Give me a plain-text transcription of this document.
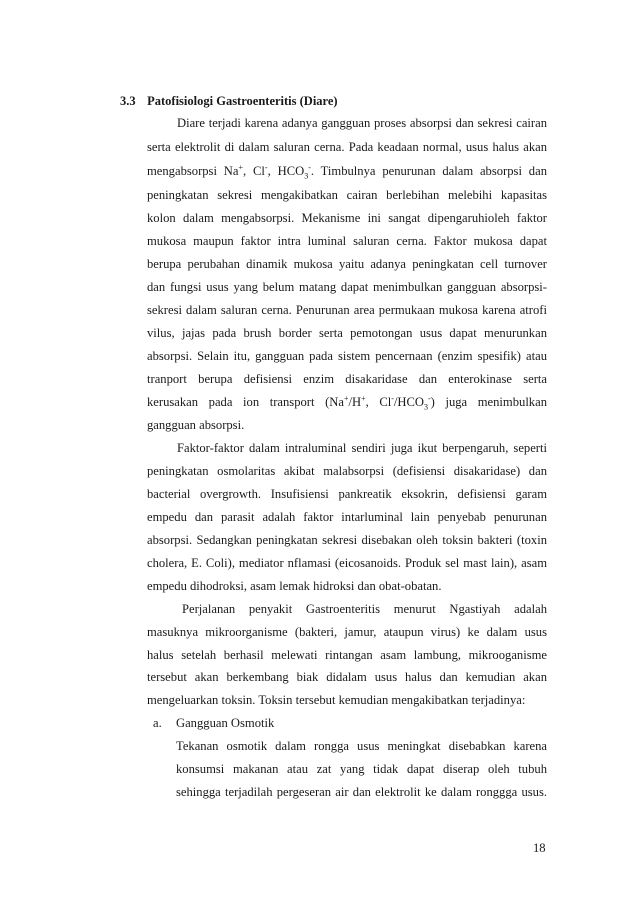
3.3 Patofisiologi Gastroenteritis (Diare)
Diare terjadi karena adanya gangguan proses absorpsi dan sekresi cairan
serta elektrolit di dalam saluran cerna. Pada keadaan normal, usus halus akan
mengabsorpsi Na+, Cl-, $HCO_3^-$. Timbulnya penurunan dalam absorpsi dan
peningkatan sekresi mengakibatkan cairan berlebihan melebihi kapasitas
kolon dalam mengabsorpsi. Mekanisme ini sangat dipengaruhioleh faktor
mukosa maupun faktor intra luminal saluran cerna. Faktor mukosa dapat
berupa perubahan dinamik mukosa yaitu adanya peningkatan cell turnover
dan fungsi usus yang belum matang dapat menimbulkan gangguan absorpsi-
sekresi dalam saluran cerna. Penurunan area permukaan mukosa karena atrofi
vilus, jajas pada brush border serta pemotongan usus dapat menurunkan
absorpsi. Selain itu, gangguan pada sistem pencernaan (enzim spesifik) atau
tranport berupa defisiensi enzim disakaridase dan enterokinase serta
kerusakan pada ion transport (Na+/H+, $Cl^-/HCO_3^-$) juga menimbulkan
gangguan absorpsi.
Faktor-faktor dalam intraluminal sendiri juga ikut berpengaruh, seperti
peningkatan osmolaritas akibat malabsorpsi (defisiensi disakaridase) dan
bacterial overgrowth. Insufisiensi pankreatik eksokrin, defisiensi garam
empedu dan parasit adalah faktor intarluminal lain penyebab penurunan
absorpsi. Sedangkan peningkatan sekresi disebakan oleh toksin bakteri (toxin
cholera, E. Coli), mediator nflamasi (eicosanoids. Produk sel mast lain), asam
empedu dihodroksi, asam lemak hidroksi dan obat-obatan.
Perjalanan penyakit Gastroenteritis menurut Ngastiyah adalah
masuknya mikroorganisme (bakteri, jamur, ataupun virus) ke dalam usus
halus setelah berhasil melewati rintangan asam lambung, mikrooganisme
tersebut akan berkembang biak didalam usus halus dan kemudian akan
a. Gangguan Osmotik
Tekanan osmotik dalam rongga usus meningkat disebabkan karena
konsumsi makanan atau zat yang tidak dapat diserap oleh tubuh
sehingga terjadilah pergeseran air dan elektrolit ke dalam ronggga usus.
18
mengeluarkan toksin. Toksin tersebut kemudian mengakibatkan terjadinya:
